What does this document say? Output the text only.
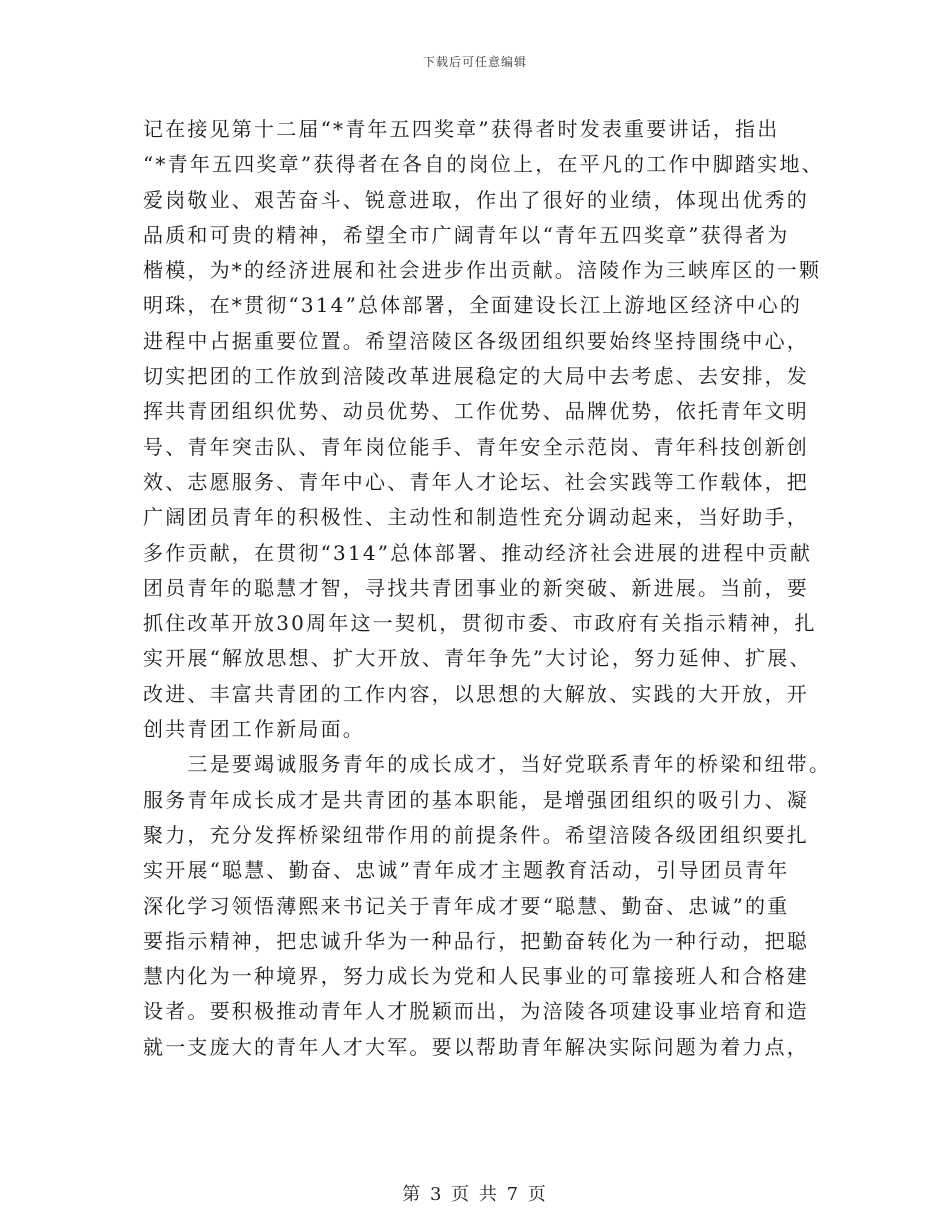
下载后可任意编辑
记在接见第十二届“*青年五四奖章”获得者时发表重要讲话，指出
“*青年五四奖章”获得者在各自的岗位上，在平凡的工作中脚踏实地、
爱岗敬业、艰苦奋斗、锐意进取，作出了很好的业绩，体现出优秀的
品质和可贵的精神，希望全市广阔青年以“青年五四奖章”获得者为
楷模，为*的经济进展和社会进步作出贡献。涪陵作为三峡库区的一颗
明珠，在*贯彻“314”总体部署，全面建设长江上游地区经济中心的
进程中占据重要位置。希望涪陵区各级团组织要始终坚持围绕中心，
切实把团的工作放到涪陵改革进展稳定的大局中去考虑、去安排，发
挥共青团组织优势、动员优势、工作优势、品牌优势，依托青年文明
号、青年突击队、青年岗位能手、青年安全示范岗、青年科技创新创
效、志愿服务、青年中心、青年人才论坛、社会实践等工作载体，把
广阔团员青年的积极性、主动性和制造性充分调动起来，当好助手，
多作贡献，在贯彻“314”总体部署、推动经济社会进展的进程中贡献
团员青年的聪慧才智，寻找共青团事业的新突破、新进展。当前，要
抓住改革开放30周年这一契机，贯彻市委、市政府有关指示精神，扎
实开展“解放思想、扩大开放、青年争先”大讨论，努力延伸、扩展、
改进、丰富共青团的工作内容，以思想的大解放、实践的大开放，开
创共青团工作新局面。
　　三是要竭诚服务青年的成长成才，当好党联系青年的桥梁和纽带。
服务青年成长成才是共青团的基本职能，是增强团组织的吸引力、凝
聚力，充分发挥桥梁纽带作用的前提条件。希望涪陵各级团组织要扎
实开展“聪慧、勤奋、忠诚”青年成才主题教育活动，引导团员青年
深化学习领悟薄熙来书记关于青年成才要“聪慧、勤奋、忠诚”的重
要指示精神，把忠诚升华为一种品行，把勤奋转化为一种行动，把聪
慧内化为一种境界，努力成长为党和人民事业的可靠接班人和合格建
设者。要积极推动青年人才脱颖而出，为涪陵各项建设事业培育和造
就一支庞大的青年人才大军。要以帮助青年解决实际问题为着力点，
第 3 页 共 7 页
